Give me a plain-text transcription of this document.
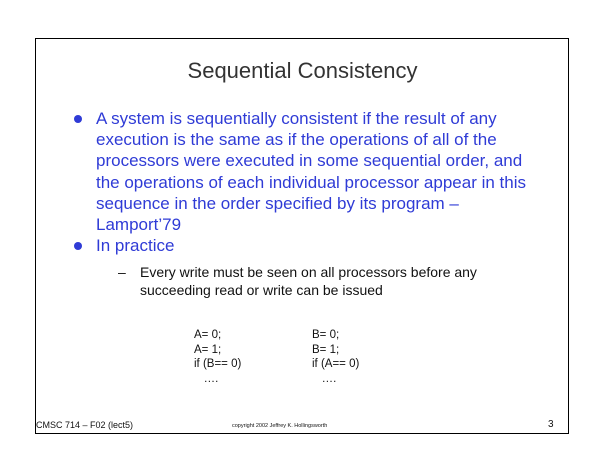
Sequential Consistency
A system is sequentially consistent if the result of any execution is the same as if the operations of all of the processors were executed in some sequential order, and the operations of each individual processor appear in this sequence in the order specified by its program – Lamport’79
In practice
– Every write must be seen on all processors before any succeeding read or write can be issued
A= 0;
A= 1;
if (B== 0)
….
B= 0;
B= 1;
if (A== 0)
….
CMSC 714 – F02 (lect5)	copyright 2002 Jeffrey K. Hollingsworth	3
